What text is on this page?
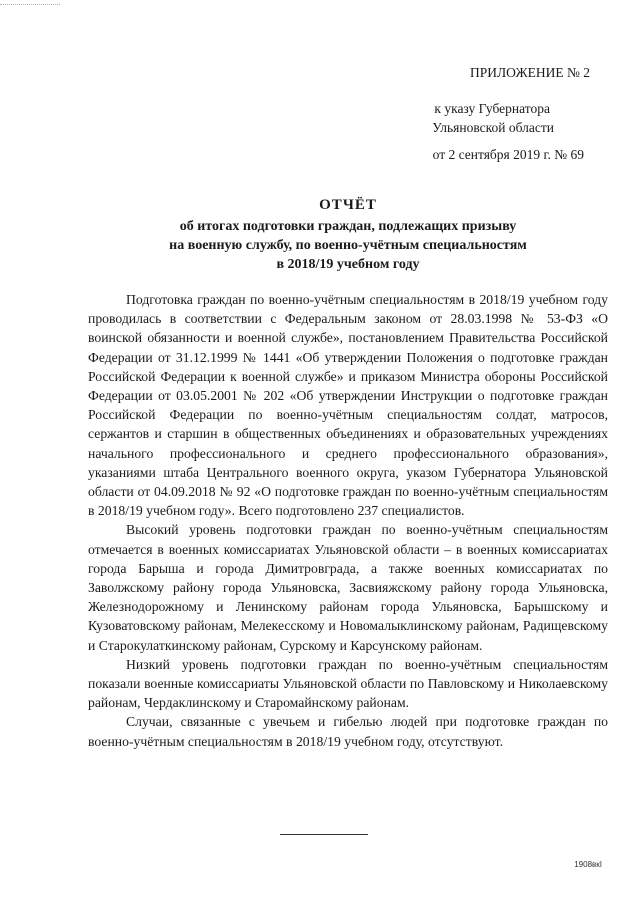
ПРИЛОЖЕНИЕ № 2
к указу Губернатора
Ульяновской области
от 2 сентября 2019 г. № 69
ОТЧЁТ
об итогах подготовки граждан, подлежащих призыву
на военную службу, по военно-учётным специальностям
в 2018/19 учебном году

Подготовка граждан по военно-учётным специальностям в 2018/19 учебном году проводилась в соответствии с Федеральным законом от 28.03.1998 № 53-ФЗ «О воинской обязанности и военной службе», постановлением Правительства Российской Федерации от 31.12.1999 № 1441 «Об утверждении Положения о подготовке граждан Российской Федерации к военной службе» и приказом Министра обороны Российской Федерации от 03.05.2001 № 202 «Об утверждении Инструкции о подготовке граждан Российской Федерации по военно-учётным специальностям солдат, матросов, сержантов и старшин в общественных объединениях и образовательных учреждениях начального профессионального и среднего профессионального образования», указаниями штаба Центрального военного округа, указом Губернатора Ульяновской области от 04.09.2018 № 92 «О подготовке граждан по военно-учётным специальностям в 2018/19 учебном году». Всего подготовлено 237 специалистов.

Высокий уровень подготовки граждан по военно-учётным специальностям отмечается в военных комиссариатах Ульяновской области – в военных комиссариатах города Барыша и города Димитровграда, а также военных комиссариатах по Заволжскому району города Ульяновска, Засвияжскому району города Ульяновска, Железнодорожному и Ленинскому районам города Ульяновска, Барышскому и Кузоватовскому районам, Мелекесскому и Новомалыклинскому районам, Радищевскому и Старокулаткинскому районам, Сурскому и Карсунскому районам.

Низкий уровень подготовки граждан по военно-учётным специальностям показали военные комиссариаты Ульяновской области по Павловскому и Николаевскому районам, Чердаклинскому и Старомайнскому районам.

Случаи, связанные с увечьем и гибелью людей при подготовке граждан по военно-учётным специальностям в 2018/19 учебном году, отсутствуют.

1908вкI
